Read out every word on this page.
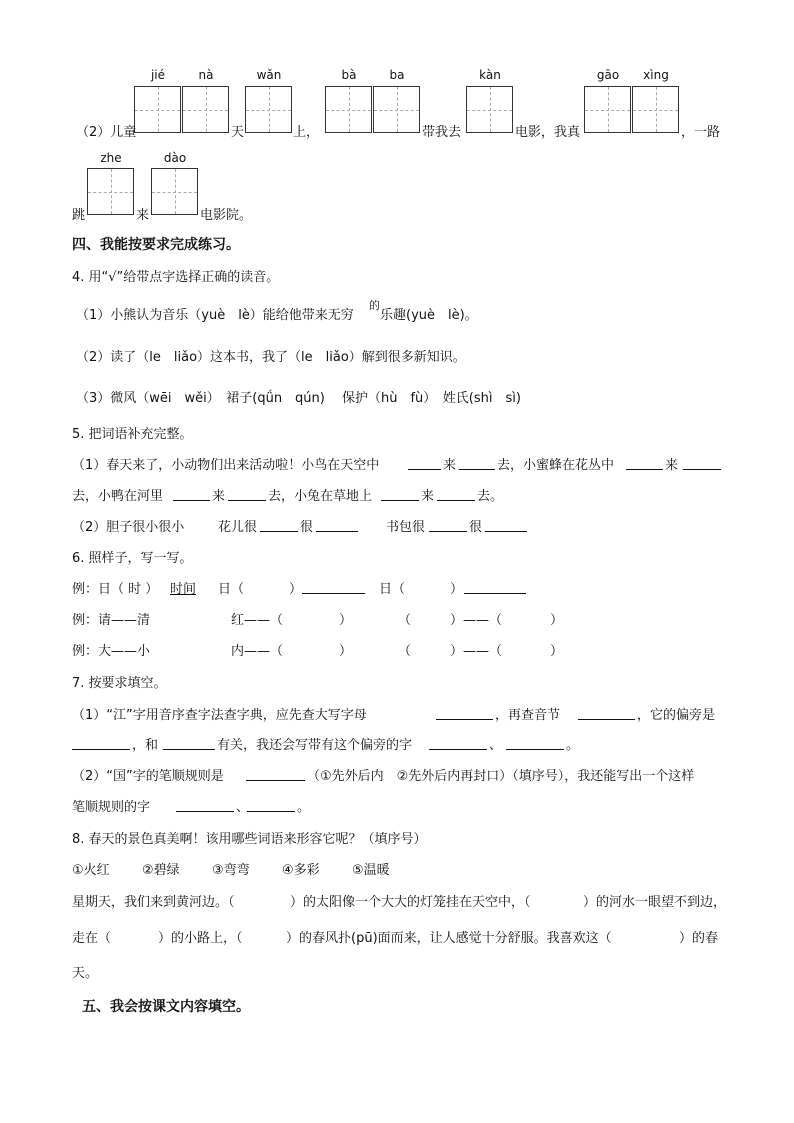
jié	nà	wǎn	bà	ba	kàn	gāo	xìng
（2）儿童	天	上，	带我去	电影，我真	，一路
zhe	dào
跳	来	电影院。
四、我能按要求完成练习。
4. 用“√”给带点字选择正确的读音。
（1）小熊认为音乐（yuè　lè）能给他带来无穷
的
乐趣(yuè　lè)。
（2）读了（le　liǎo）这本书，我了（le　liǎo）解到很多新知识。
（3）微风（wēi　wěi）　裙子(qǘn　qún)　 保护（hù　fù）　姓氏(shì　sì)
5. 把词语补充完整。
（1）春天来了，小动物们出来活动啦！小鸟在天空中	来	去，小蜜蜂在花丛中	来
去，小鸭在河里	来	去，小兔在草地上	来	去。
（2）胆子很小很小	花儿很	很	书包很	很
6. 照样子，写一写。
例：日（ 时 ） 时间 日（	）	日（	）
例：请——清	红——（	）	（	）——（	）
例：大——小	内——（	）	（	）——（	）
7. 按要求填空。
（1）“江”字用音序查字法查字典，应先查大写字母	，再查音节	，它的偏旁是
，和	有关，我还会写带有这个偏旁的字	、	。
（2）“国”字的笔顺规则是	（①先外后内　②先外后内再封口）（填序号），我还能写出一个这样
笔顺规则的字	、	。
8. 春天的景色真美啊！该用哪些词语来形容它呢？（填序号）
①火红 ②碧绿 ③弯弯 ④多彩 ⑤温暖
星期天，我们来到黄河边。（	）的太阳像一个大大的灯笼挂在天空中，（	）的河水一眼望不到边，
走在（	）的小路上，（	）的春风扑(pū)面而来，让人感觉十分舒服。我喜欢这（	）的春
天。
五、我会按课文内容填空。
